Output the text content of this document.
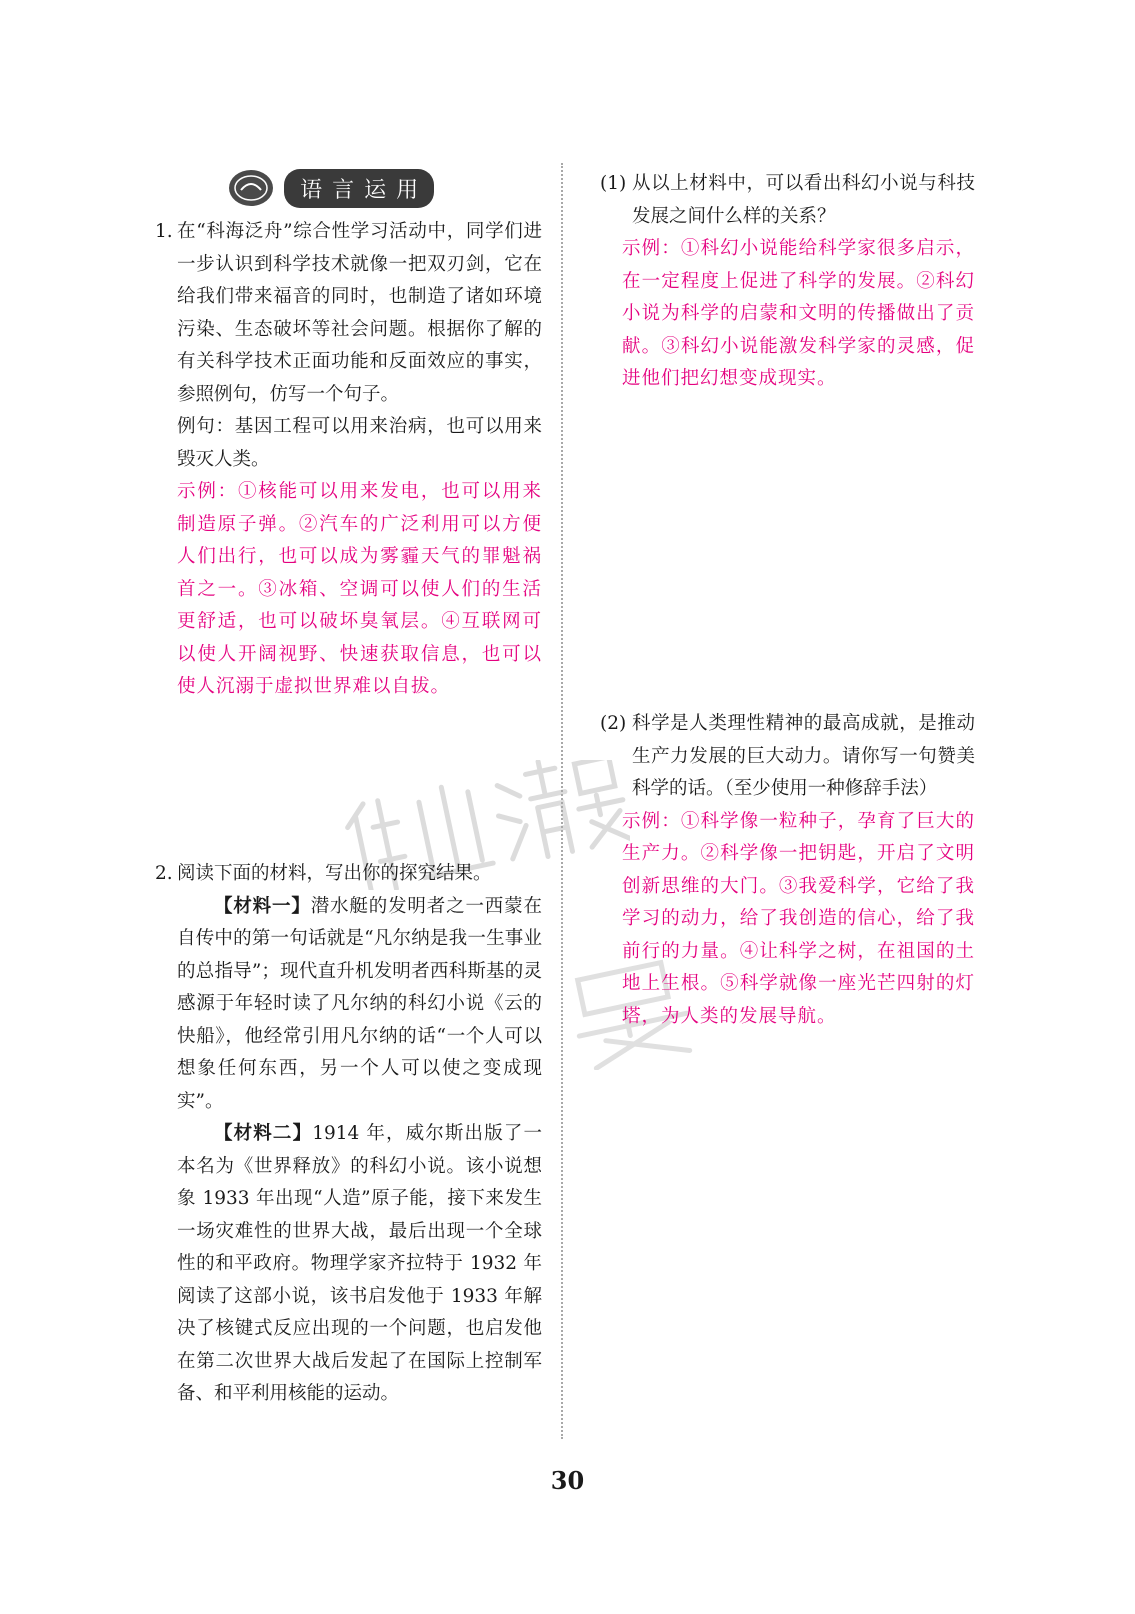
语言运用
1. 在“科海泛舟”综合性学习活动中，同学们进一步认识到科学技术就像一把双刃剑，它在给我们带来福音的同时，也制造了诸如环境污染、生态破坏等社会问题。根据你了解的有关科学技术正面功能和反面效应的事实，参照例句，仿写一个句子。
例句：基因工程可以用来治病，也可以用来毁灭人类。
示例：①核能可以用来发电，也可以用来制造原子弹。②汽车的广泛利用可以方便人们出行，也可以成为雾霾天气的罪魁祸首之一。③冰箱、空调可以使人们的生活更舒适，也可以破坏臭氧层。④互联网可以使人开阔视野、快速获取信息，也可以使人沉溺于虚拟世界难以自拔。
2. 阅读下面的材料，写出你的探究结果。
【材料一】潜水艇的发明者之一西蒙在自传中的第一句话就是“凡尔纳是我一生事业的总指导”；现代直升机发明者西科斯基的灵感源于年轻时读了凡尔纳的科幻小说《云的快船》，他经常引用凡尔纳的话“一个人可以想象任何东西，另一个人可以使之变成现实”。
【材料二】1914 年，威尔斯出版了一本名为《世界释放》的科幻小说。该小说想象 1933 年出现“人造”原子能，接下来发生一场灾难性的世界大战，最后出现一个全球性的和平政府。物理学家齐拉特于 1932 年阅读了这部小说，该书启发他于 1933 年解决了核键式反应出现的一个问题，也启发他在第二次世界大战后发起了在国际上控制军备、和平利用核能的运动。
(1) 从以上材料中，可以看出科幻小说与科技发展之间什么样的关系？
示例：①科幻小说能给科学家很多启示，在一定程度上促进了科学的发展。②科幻小说为科学的启蒙和文明的传播做出了贡献。③科幻小说能激发科学家的灵感，促进他们把幻想变成现实。
(2) 科学是人类理性精神的最高成就，是推动生产力发展的巨大动力。请你写一句赞美科学的话。（至少使用一种修辞手法）
示例：①科学像一粒种子，孕育了巨大的生产力。②科学像一把钥匙，开启了文明创新思维的大门。③我爱科学，它给了我学习的动力，给了我创造的信心，给了我前行的力量。④让科学之树，在祖国的土地上生根。⑤科学就像一座光芒四射的灯塔，为人类的发展导航。
30
